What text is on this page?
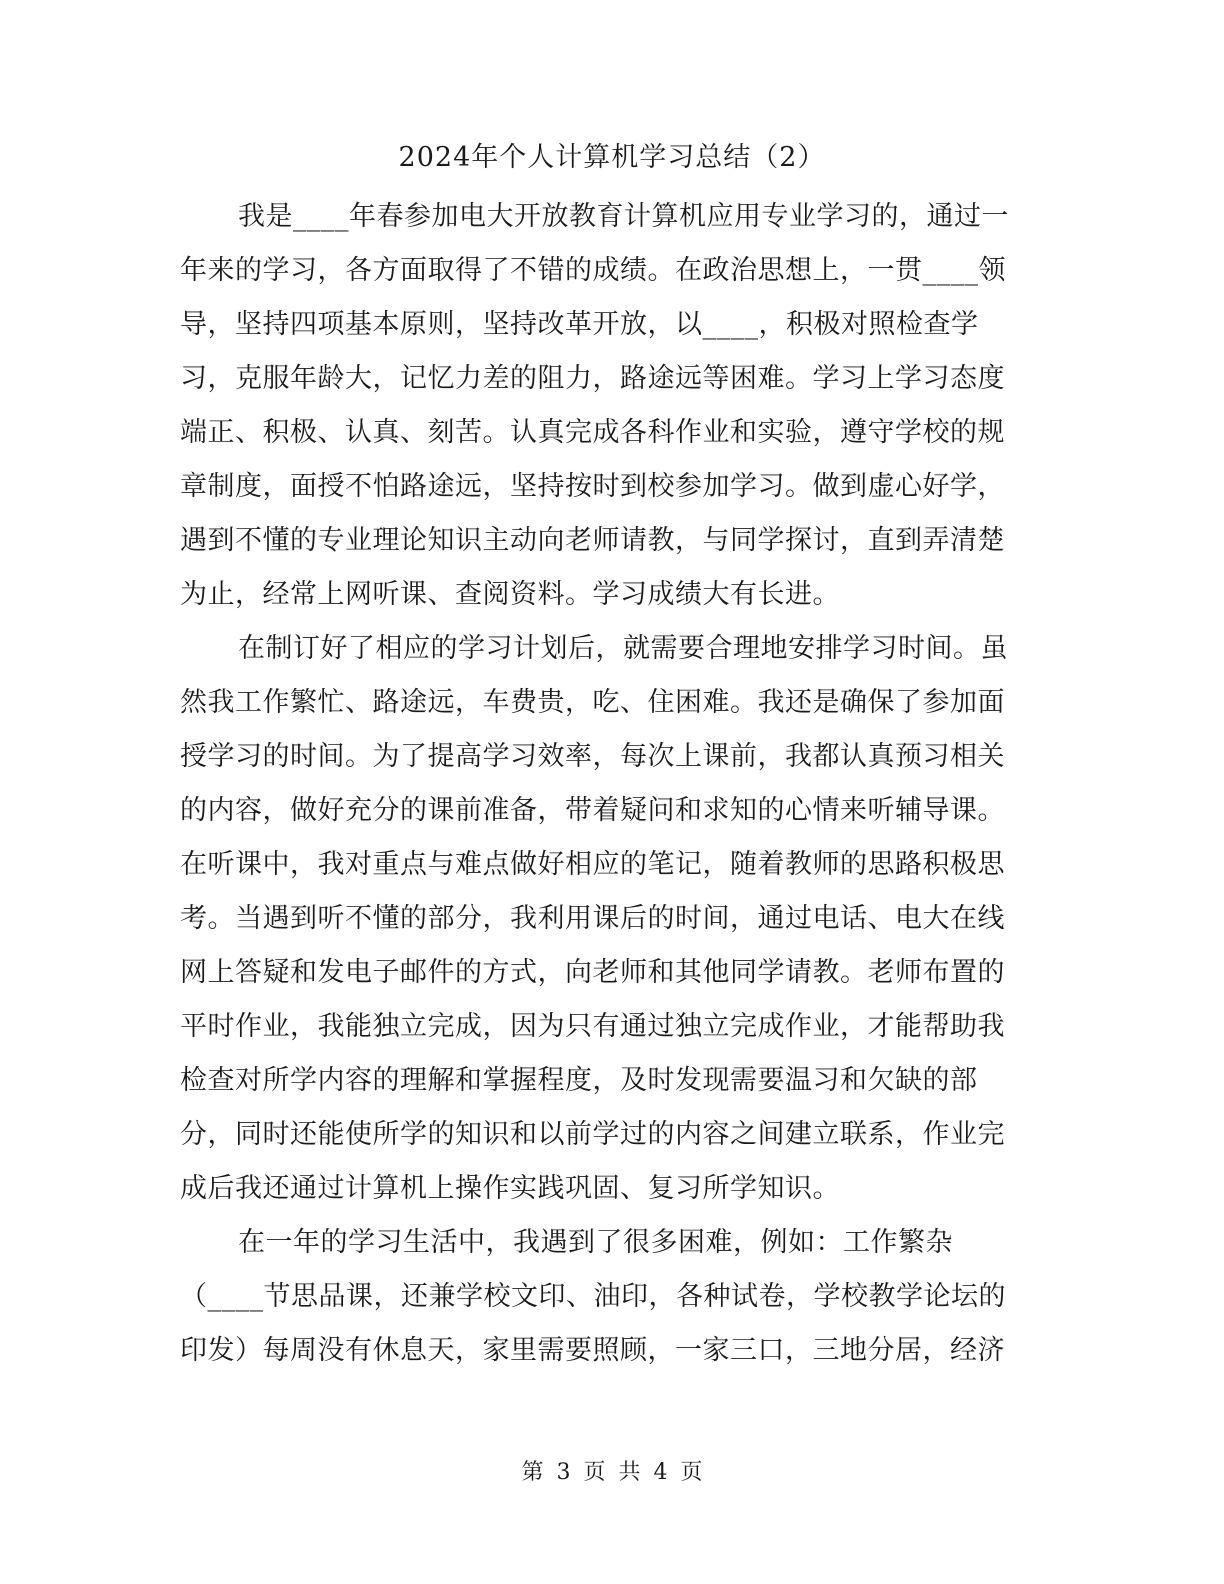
2024年个人计算机学习总结（2）
我是____年春参加电大开放教育计算机应用专业学习的，通过一
年来的学习，各方面取得了不错的成绩。在政治思想上，一贯____领
导，坚持四项基本原则，坚持改革开放，以____，积极对照检查学
习，克服年龄大，记忆力差的阻力，路途远等困难。学习上学习态度
端正、积极、认真、刻苦。认真完成各科作业和实验，遵守学校的规
章制度，面授不怕路途远，坚持按时到校参加学习。做到虚心好学，
遇到不懂的专业理论知识主动向老师请教，与同学探讨，直到弄清楚
为止，经常上网听课、查阅资料。学习成绩大有长进。
在制订好了相应的学习计划后，就需要合理地安排学习时间。虽
然我工作繁忙、路途远，车费贵，吃、住困难。我还是确保了参加面
授学习的时间。为了提高学习效率，每次上课前，我都认真预习相关
的内容，做好充分的课前准备，带着疑问和求知的心情来听辅导课。
在听课中，我对重点与难点做好相应的笔记，随着教师的思路积极思
考。当遇到听不懂的部分，我利用课后的时间，通过电话、电大在线
网上答疑和发电子邮件的方式，向老师和其他同学请教。老师布置的
平时作业，我能独立完成，因为只有通过独立完成作业，才能帮助我
检查对所学内容的理解和掌握程度，及时发现需要温习和欠缺的部
分，同时还能使所学的知识和以前学过的内容之间建立联系，作业完
成后我还通过计算机上操作实践巩固、复习所学知识。
在一年的学习生活中，我遇到了很多困难，例如：工作繁杂
（____节思品课，还兼学校文印、油印，各种试卷，学校教学论坛的
印发）每周没有休息天，家里需要照顾，一家三口，三地分居，经济
第 3 页 共 4 页
